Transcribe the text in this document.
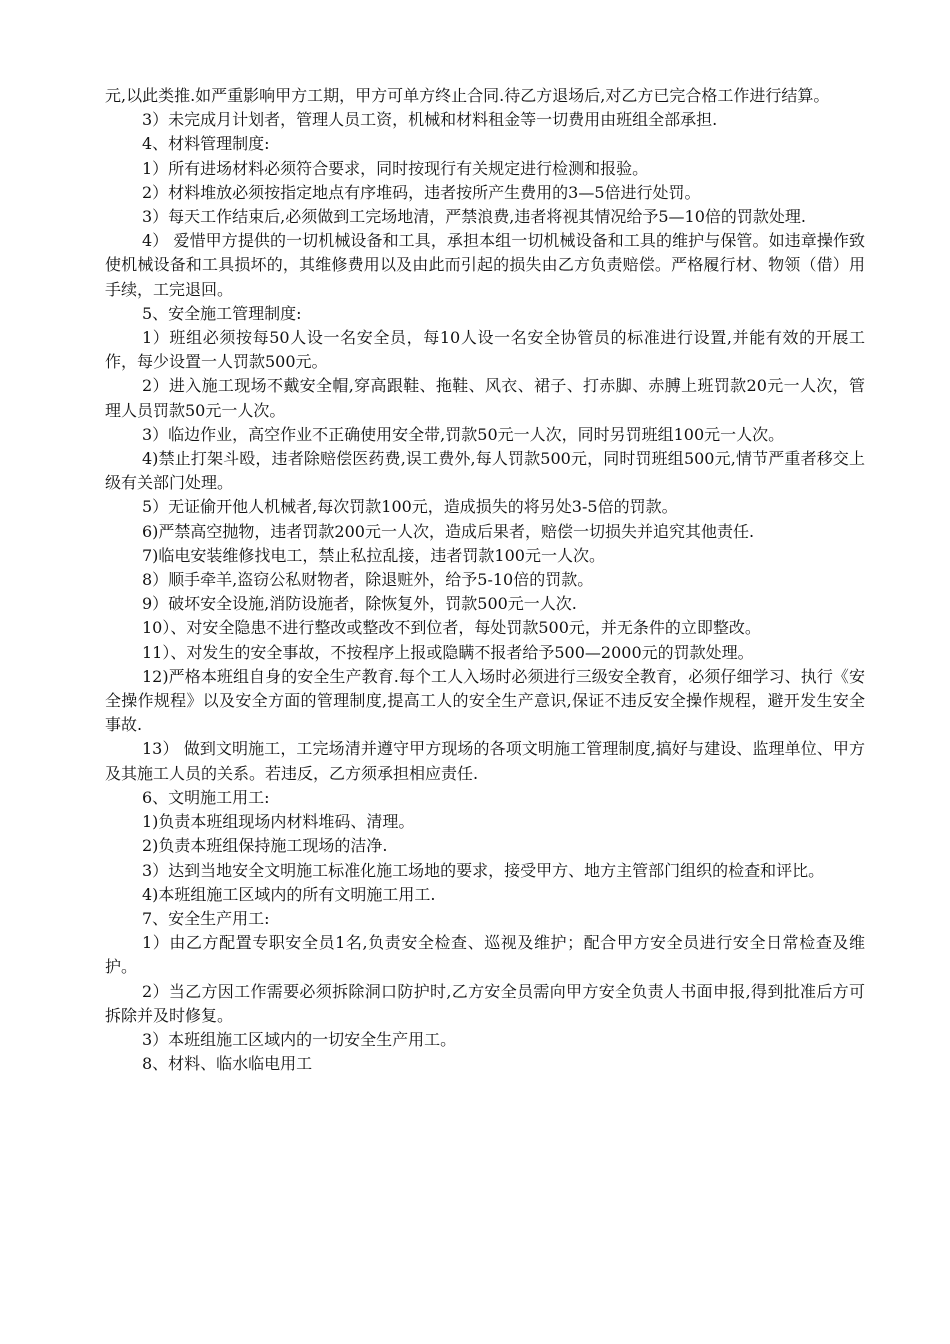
元,以此类推.如严重影响甲方工期，甲方可单方终止合同.待乙方退场后,对乙方已完合格工作进行结算。

3）未完成月计划者，管理人员工资，机械和材料租金等一切费用由班组全部承担.

4、材料管理制度:

1）所有进场材料必须符合要求，同时按现行有关规定进行检测和报验。

2）材料堆放必须按指定地点有序堆码，违者按所产生费用的3—5倍进行处罚。

3）每天工作结束后,必须做到工完场地清，严禁浪费,违者将视其情况给予5—10倍的罚款处理.

4） 爱惜甲方提供的一切机械设备和工具，承担本组一切机械设备和工具的维护与保管。如违章操作致使机械设备和工具损坏的，其维修费用以及由此而引起的损失由乙方负责赔偿。严格履行材、物领（借）用手续，工完退回。

5、安全施工管理制度:

1）班组必须按每50人设一名安全员，每10人设一名安全协管员的标准进行设置,并能有效的开展工作，每少设置一人罚款500元。

2）进入施工现场不戴安全帽,穿高跟鞋、拖鞋、风衣、裙子、打赤脚、赤膊上班罚款20元一人次，管理人员罚款50元一人次。

3）临边作业，高空作业不正确使用安全带,罚款50元一人次，同时另罚班组100元一人次。

4)禁止打架斗殴，违者除赔偿医药费,误工费外,每人罚款500元，同时罚班组500元,情节严重者移交上级有关部门处理。

5）无证偷开他人机械者,每次罚款100元，造成损失的将另处3-5倍的罚款。

6)严禁高空抛物，违者罚款200元一人次，造成后果者，赔偿一切损失并追究其他责任.

7)临电安装维修找电工，禁止私拉乱接，违者罚款100元一人次。

8）顺手牵羊,盗窃公私财物者，除退赃外，给予5-10倍的罚款。

9）破坏安全设施,消防设施者，除恢复外，罚款500元一人次.

10）、对安全隐患不进行整改或整改不到位者，每处罚款500元，并无条件的立即整改。

11）、对发生的安全事故，不按程序上报或隐瞒不报者给予500—2000元的罚款处理。

12)严格本班组自身的安全生产教育.每个工人入场时必须进行三级安全教育，必须仔细学习、执行《安全操作规程》以及安全方面的管理制度,提高工人的安全生产意识,保证不违反安全操作规程，避开发生安全事故.

13） 做到文明施工，工完场清并遵守甲方现场的各项文明施工管理制度,搞好与建设、监理单位、甲方及其施工人员的关系。若违反，乙方须承担相应责任.

6、文明施工用工:

1)负责本班组现场内材料堆码、清理。

2)负责本班组保持施工现场的洁净.

3）达到当地安全文明施工标准化施工场地的要求，接受甲方、地方主管部门组织的检查和评比。

4)本班组施工区域内的所有文明施工用工.

7、安全生产用工:

1）由乙方配置专职安全员1名,负责安全检查、巡视及维护；配合甲方安全员进行安全日常检查及维护。

2）当乙方因工作需要必须拆除洞口防护时,乙方安全员需向甲方安全负责人书面申报,得到批准后方可拆除并及时修复。

3）本班组施工区域内的一切安全生产用工。

8、材料、临水临电用工
